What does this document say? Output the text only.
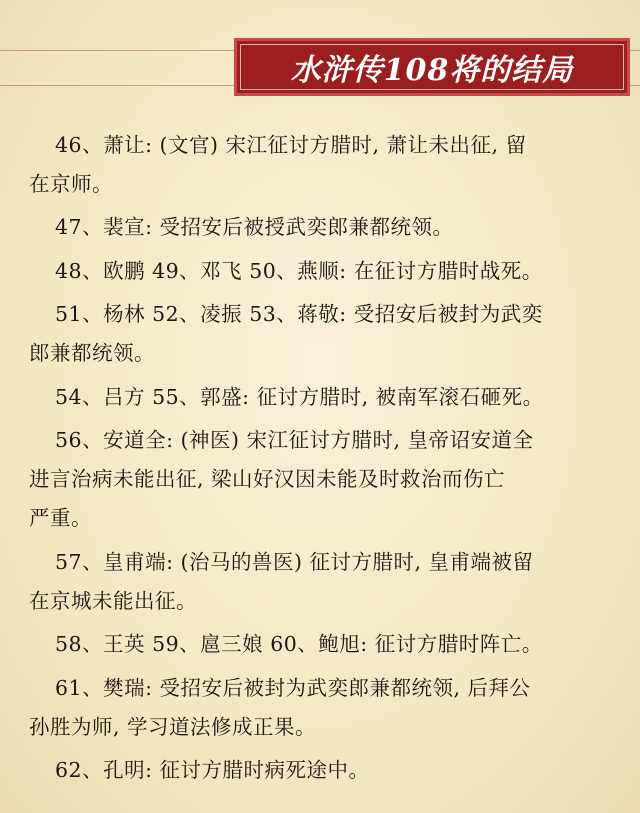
水浒传108将的结局
46、萧让: (文官) 宋江征讨方腊时, 萧让未出征, 留
在京师。
47、裴宣: 受招安后被授武奕郎兼都统领。
48、欧鹏 49、邓飞 50、燕顺: 在征讨方腊时战死。
51、杨林 52、凌振 53、蒋敬: 受招安后被封为武奕
郎兼都统领。
54、吕方 55、郭盛: 征讨方腊时, 被南军滚石砸死。
56、安道全: (神医) 宋江征讨方腊时, 皇帝诏安道全
进言治病未能出征, 梁山好汉因未能及时救治而伤亡
严重。
57、皇甫端: (治马的兽医) 征讨方腊时, 皇甫端被留
在京城未能出征。
58、王英 59、扈三娘 60、鲍旭: 征讨方腊时阵亡。
61、樊瑞: 受招安后被封为武奕郎兼都统领, 后拜公
孙胜为师, 学习道法修成正果。
62、孔明: 征讨方腊时病死途中。
